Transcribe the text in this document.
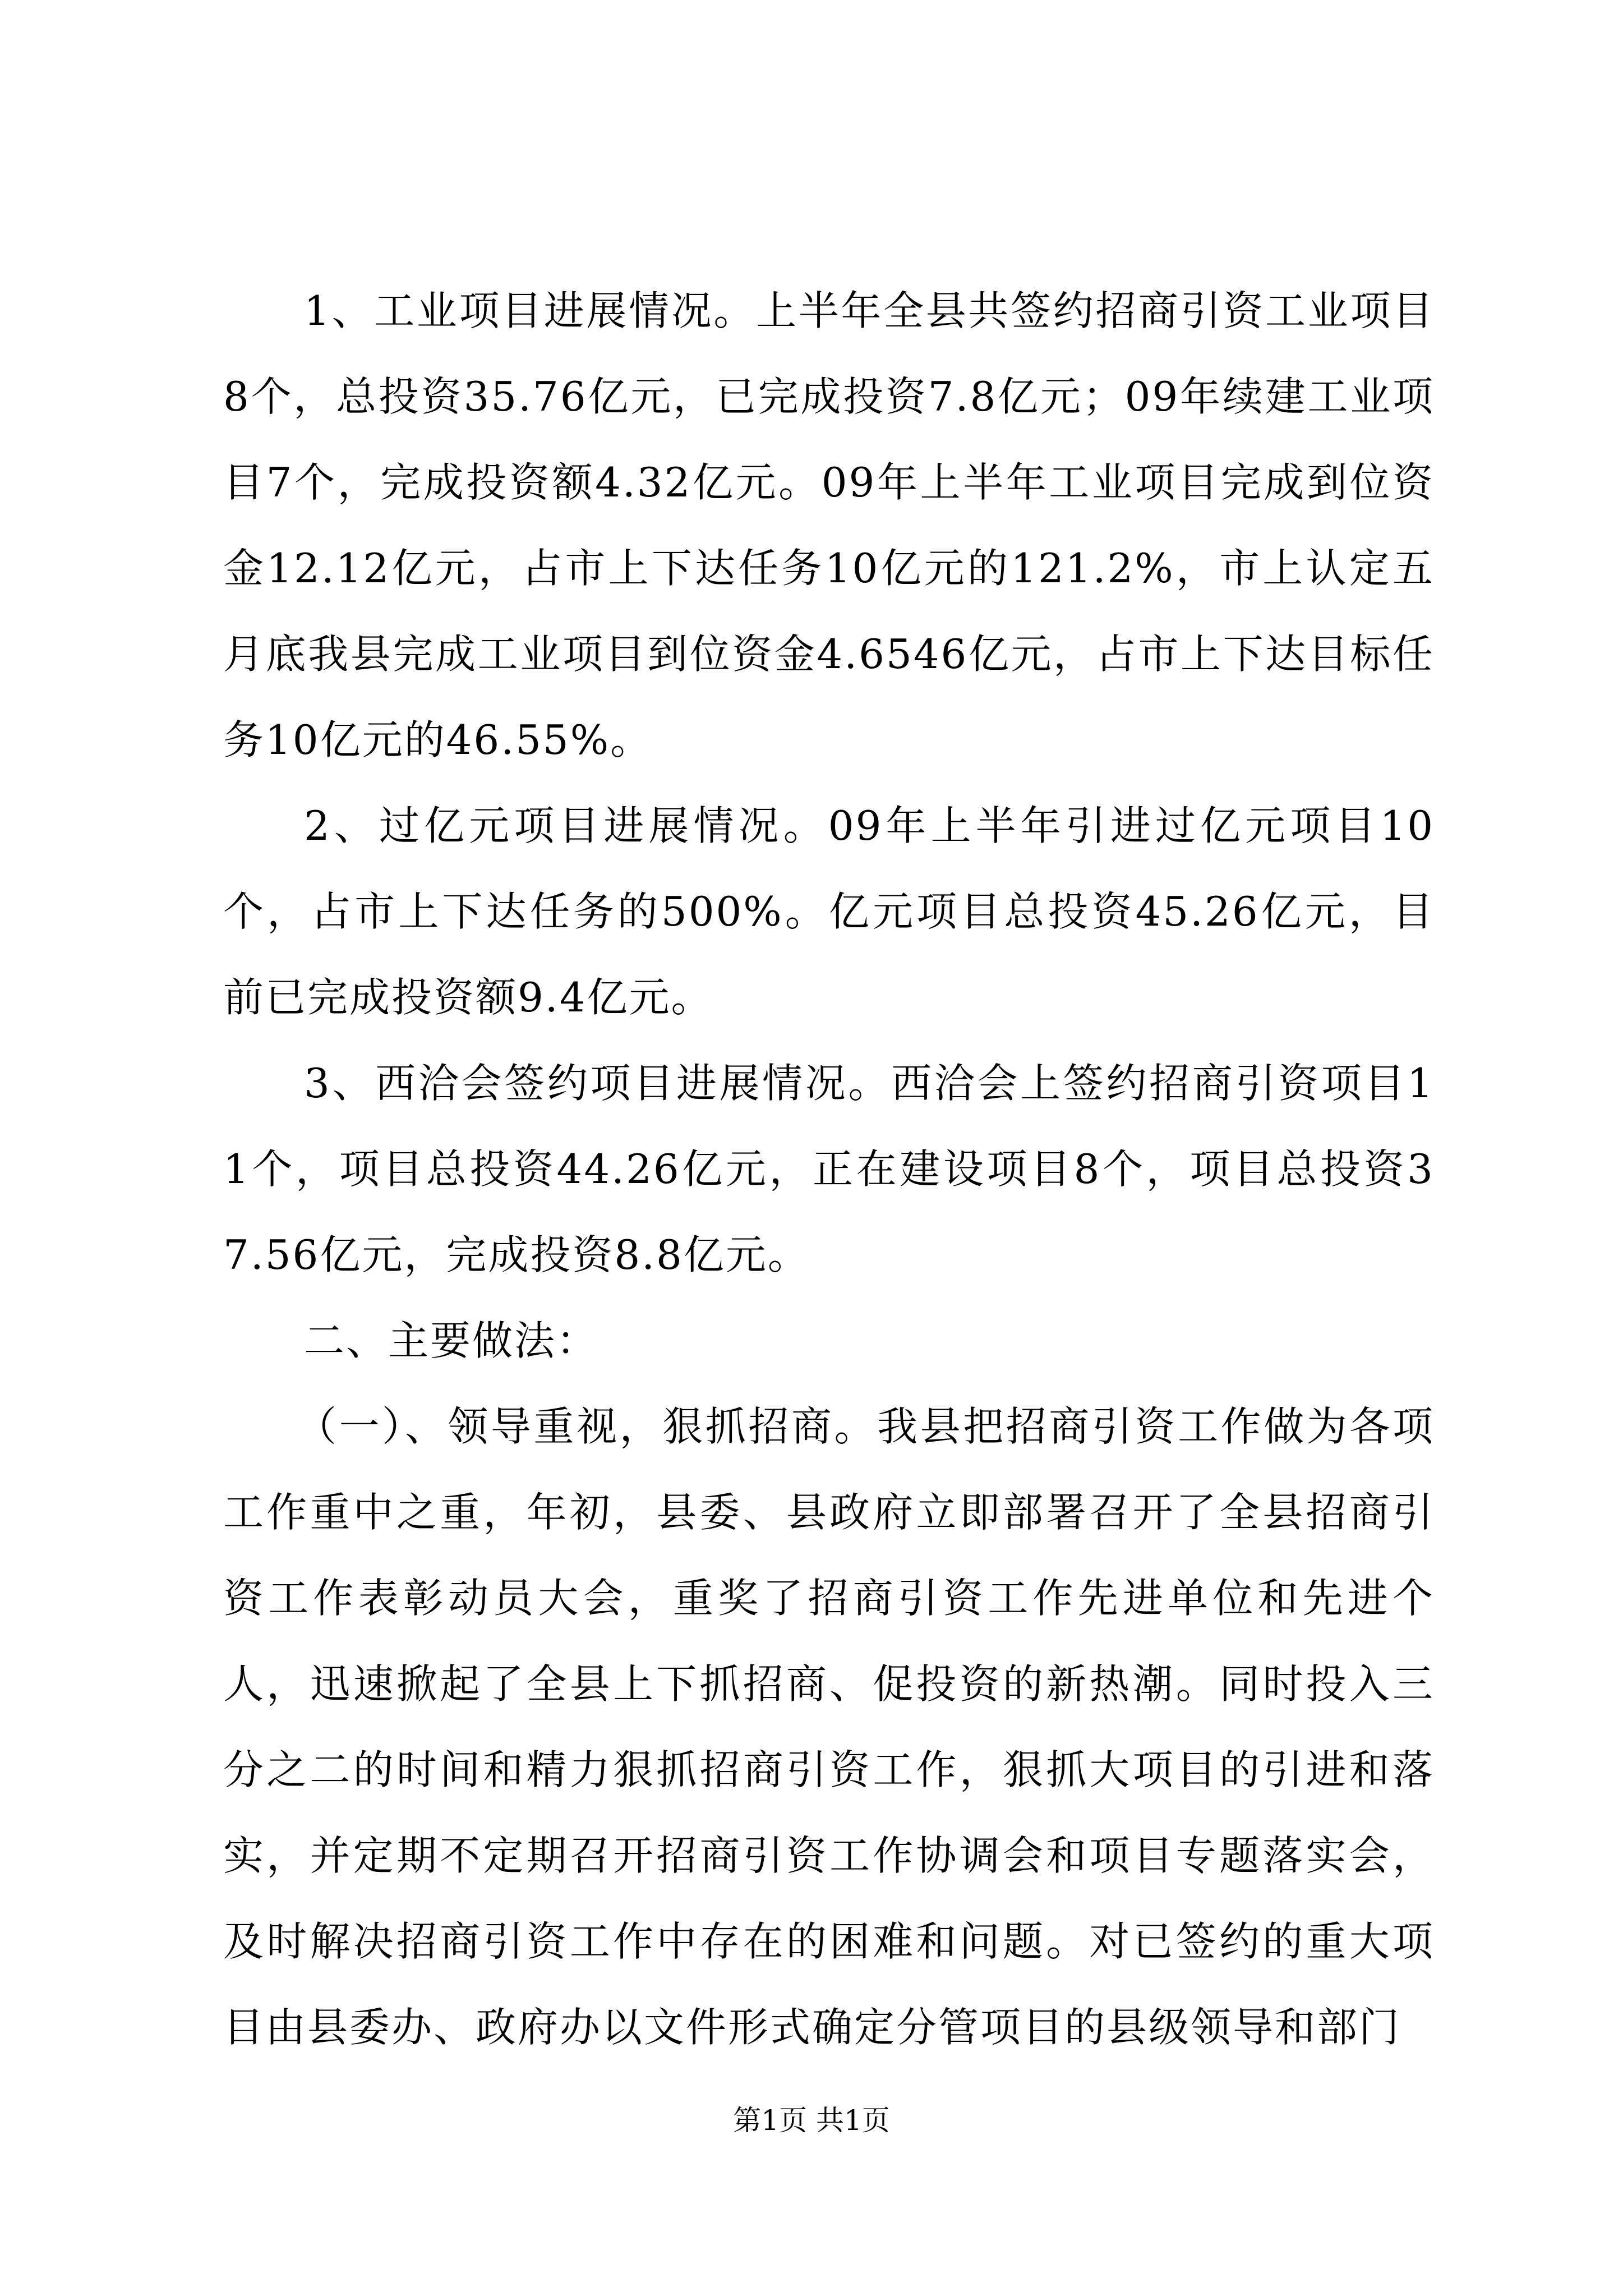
1、工业项目进展情况。上半年全县共签约招商引资工业项目8个，总投资35.76亿元，已完成投资7.8亿元；09年续建工业项目7个，完成投资额4.32亿元。09年上半年工业项目完成到位资金12.12亿元，占市上下达任务10亿元的121.2%，市上认定五月底我县完成工业项目到位资金4.6546亿元，占市上下达目标任务10亿元的46.55%。

2、过亿元项目进展情况。09年上半年引进过亿元项目10个，占市上下达任务的500%。亿元项目总投资45.26亿元，目前已完成投资额9.4亿元。

3、西洽会签约项目进展情况。西洽会上签约招商引资项目11个，项目总投资44.26亿元，正在建设项目8个，项目总投资37.56亿元，完成投资8.8亿元。

二、主要做法：

（一）、领导重视，狠抓招商。我县把招商引资工作做为各项工作重中之重，年初，县委、县政府立即部署召开了全县招商引资工作表彰动员大会，重奖了招商引资工作先进单位和先进个人，迅速掀起了全县上下抓招商、促投资的新热潮。同时投入三分之二的时间和精力狠抓招商引资工作，狠抓大项目的引进和落实，并定期不定期召开招商引资工作协调会和项目专题落实会，及时解决招商引资工作中存在的困难和问题。对已签约的重大项目由县委办、政府办以文件形式确定分管项目的县级领导和部门

第1页 共1页
